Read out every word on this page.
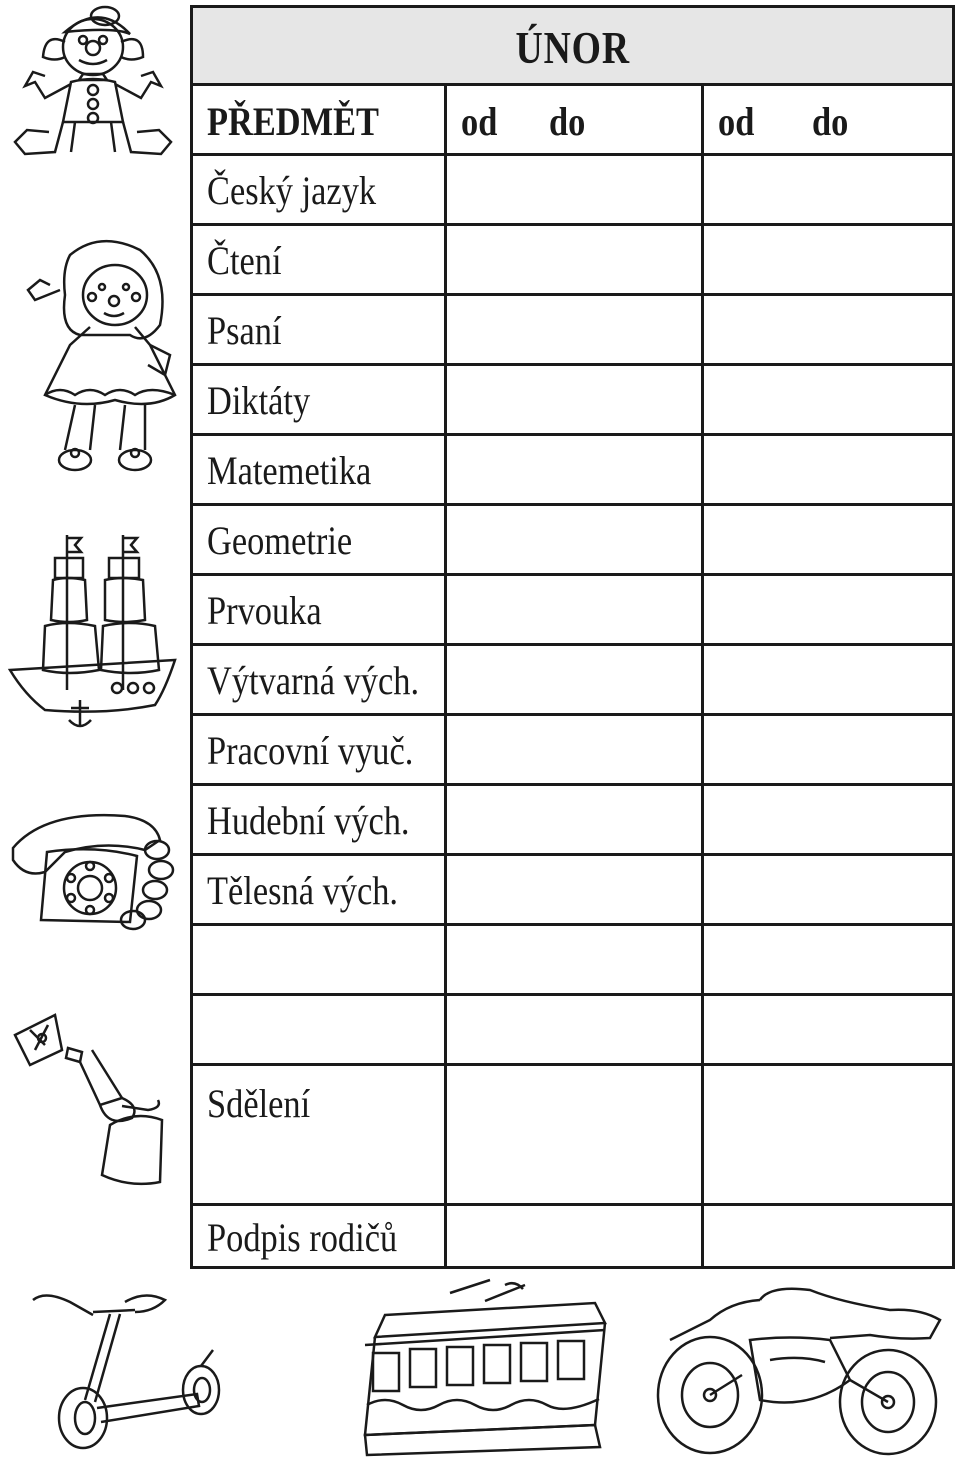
ÚNOR
PŘEDMĚT od do	od do
Český jazyk
Čtení
Psaní
Diktáty
Matemetika
Geometrie
Prvouka
Výtvarná vých.
Pracovní vyuč.
Hudební vých.
Tělesná vých.
Sdělení
Podpis rodičů
